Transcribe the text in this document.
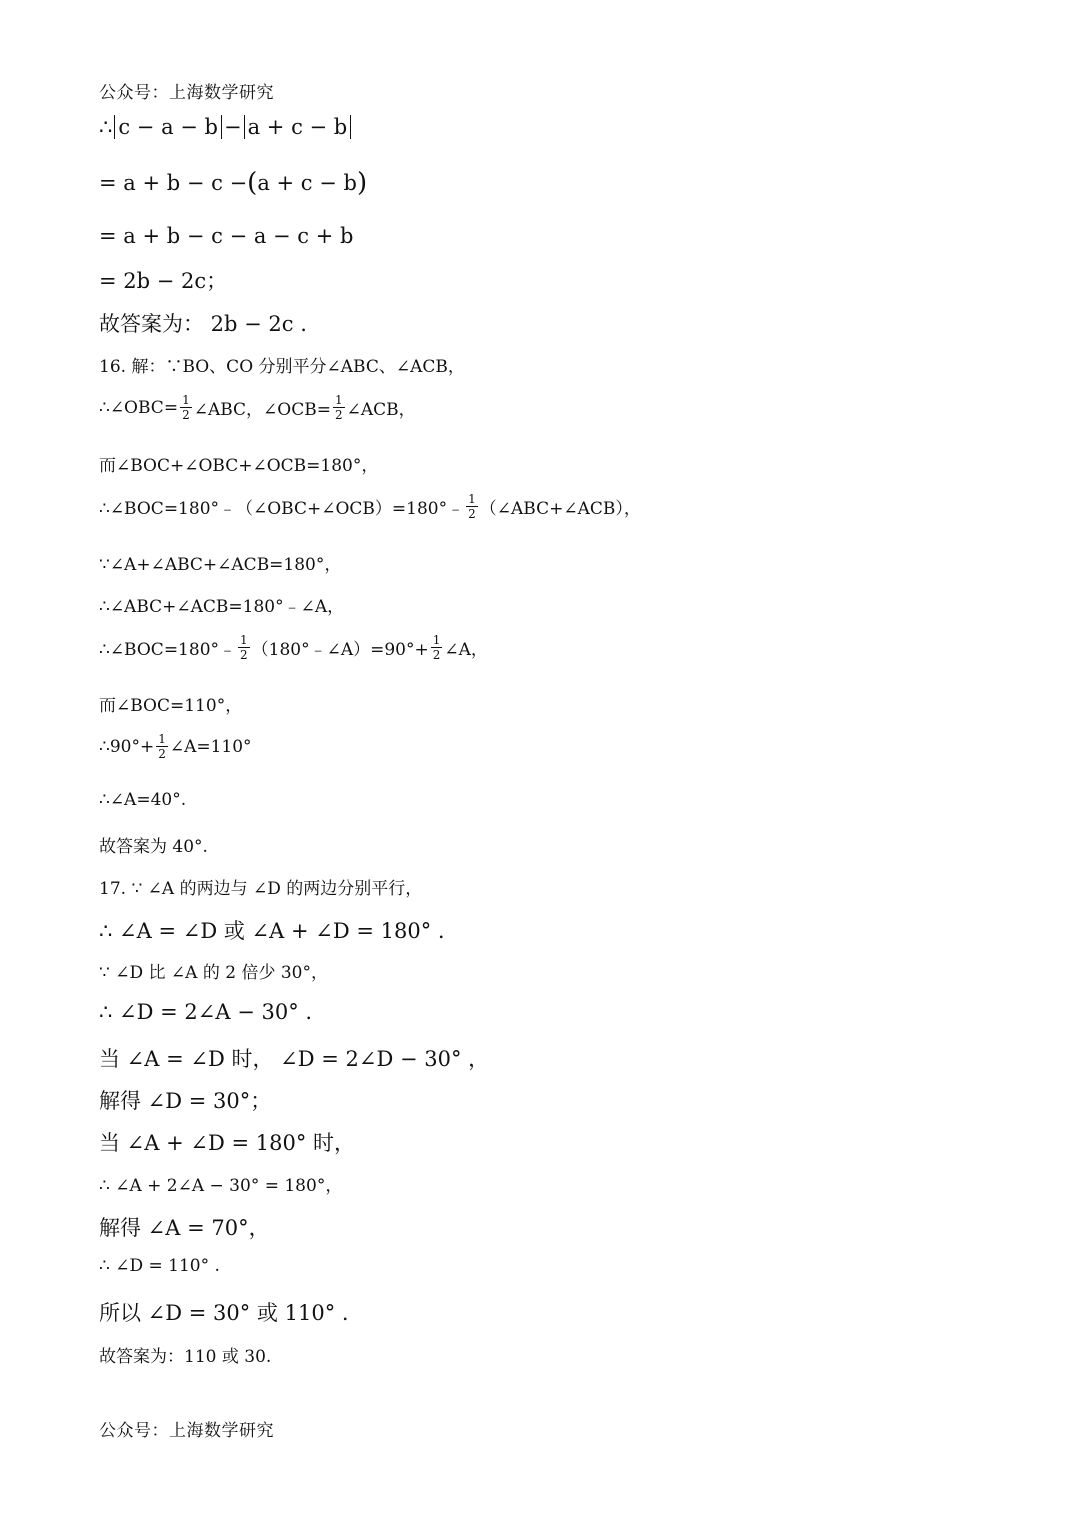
公众号：上海数学研究
∴ c − a − b − a + c − b
= a + b − c − ( a + c − b )
= a + b − c − a − c + b
= 2b − 2c；
故答案为： 2b − 2c .
16. 解：∵BO、CO 分别平分∠ABC、∠ACB，
∴∠OBC= $\frac{1}{2}$ ∠ABC，∠OCB= $\frac{1}{2}$ ∠ACB，
而∠BOC+∠OBC+∠OCB=180°，
∴∠BOC=180°﹣（∠OBC+∠OCB）=180°﹣ $\frac{1}{2}$ （∠ABC+∠ACB），
∵∠A+∠ABC+∠ACB=180°，
∴∠ABC+∠ACB=180°﹣∠A，
∴∠BOC=180°﹣ $\frac{1}{2}$ （180°﹣∠A）=90°+ $\frac{1}{2}$ ∠A，
而∠BOC=110°，
∴90°+ $\frac{1}{2}$ ∠A=110°
∴∠A=40°.
故答案为 40°.
17. ∵ ∠A 的两边与 ∠D 的两边分别平行，
∴ ∠A = ∠D 或 ∠A + ∠D = 180° .
∵ ∠D 比 ∠A 的 2 倍少 30°，
∴ ∠D = 2∠A − 30° .
当 ∠A = ∠D 时， ∠D = 2∠D − 30° ，
解得 ∠D = 30°；
当 ∠A + ∠D = 180° 时，
∴ ∠A + 2∠A − 30° = 180°，
解得 ∠A = 70°，
∴ ∠D = 110° .
所以 ∠D = 30° 或 110° .
故答案为：110 或 30.
公众号：上海数学研究
